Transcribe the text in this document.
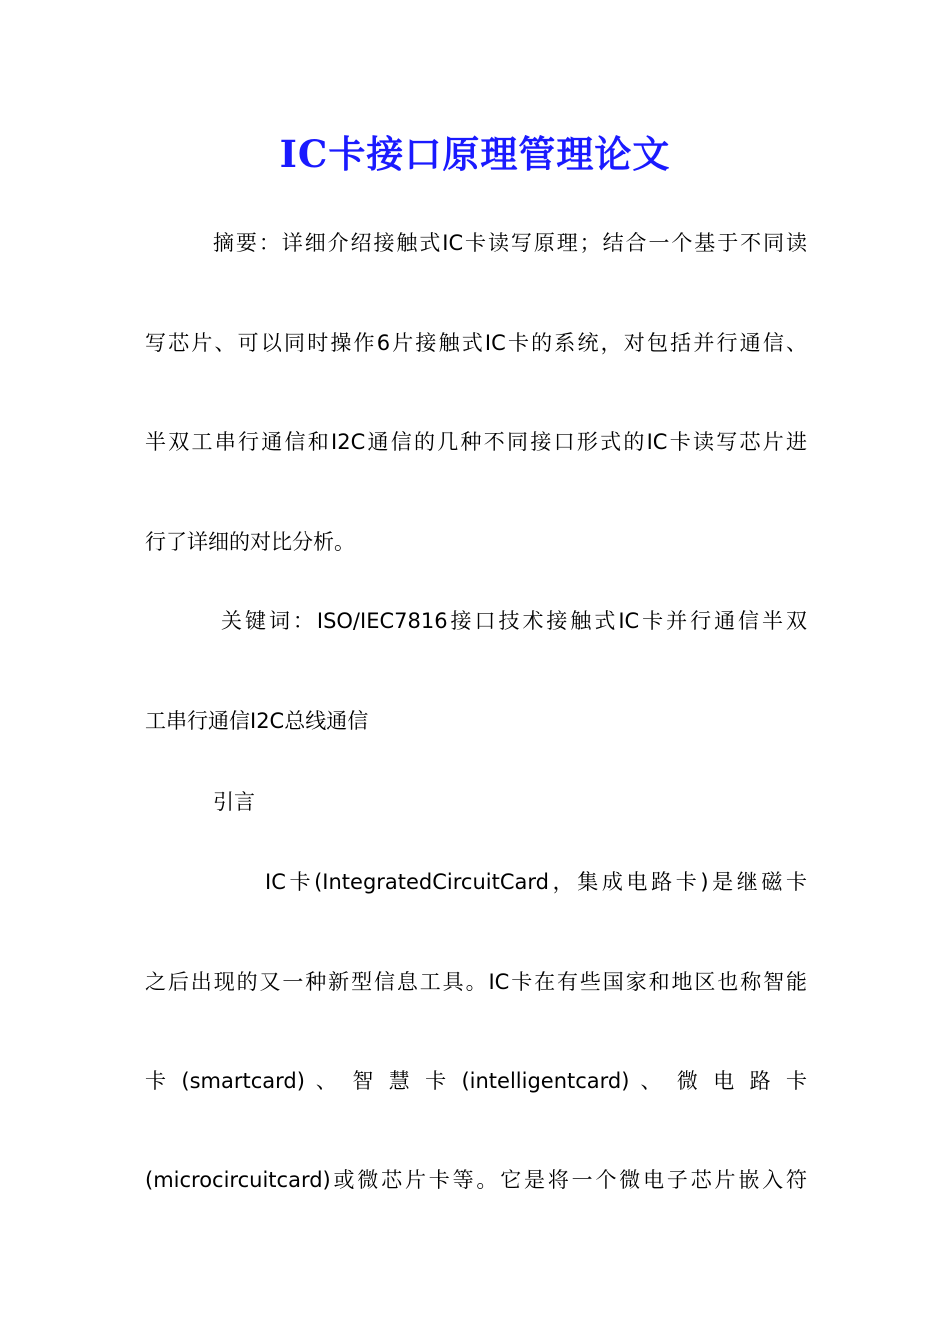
IC卡接口原理管理论文

摘要：详细介绍接触式IC卡读写原理；结合一个基于不同读

写芯片、可以同时操作6片接触式IC卡的系统，对包括并行通信、

半双工串行通信和I2C通信的几种不同接口形式的IC卡读写芯片进

行了详细的对比分析。

关键词：ISO/IEC7816接口技术接触式IC卡并行通信半双

工串行通信I2C总线通信

引言

IC卡(IntegratedCircuitCard，集成电路卡)是继磁卡

之后出现的又一种新型信息工具。IC卡在有些国家和地区也称智能

卡 (smartcard) 、 智 慧 卡 (intelligentcard) 、 微 电 路 卡

(microcircuitcard)或微芯片卡等。它是将一个微电子芯片嵌入符
